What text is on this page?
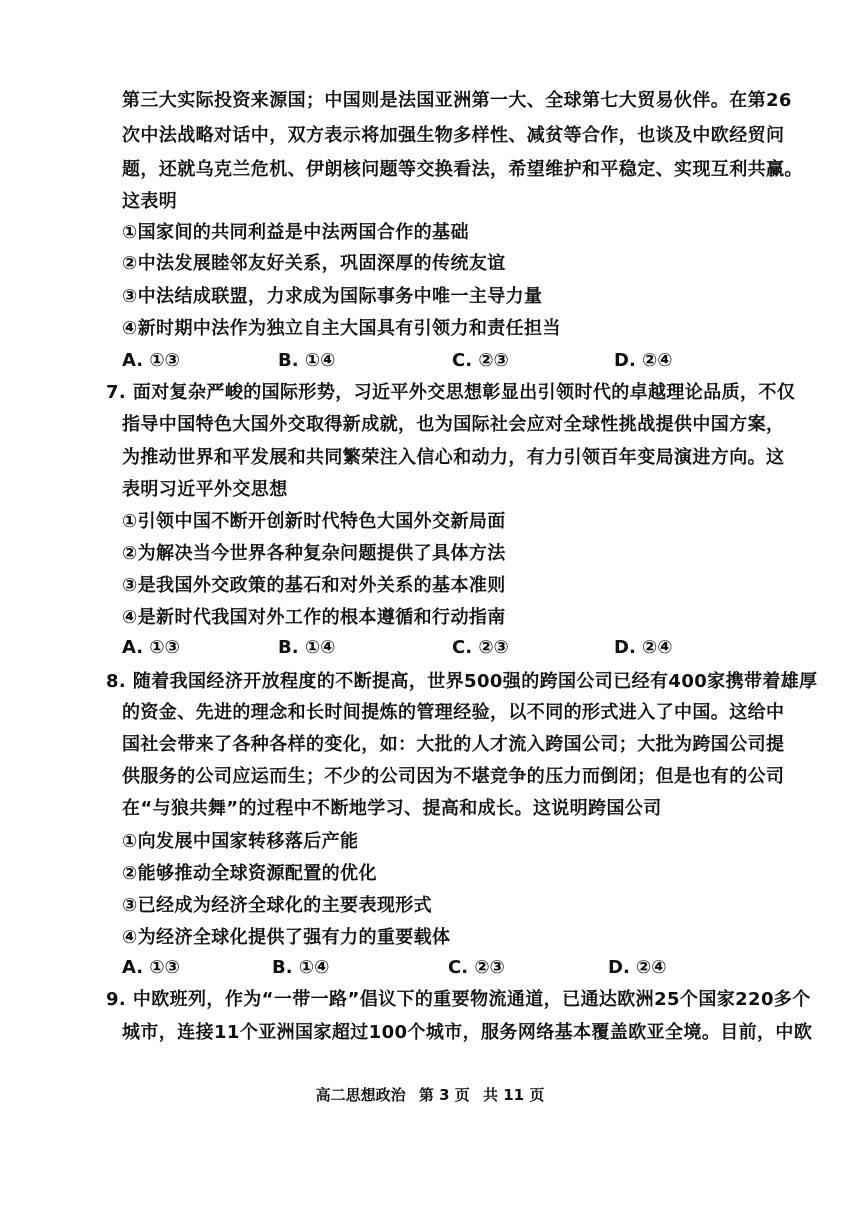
第三大实际投资来源国；中国则是法国亚洲第一大、全球第七大贸易伙伴。在第26
次中法战略对话中，双方表示将加强生物多样性、减贫等合作，也谈及中欧经贸问
题，还就乌克兰危机、伊朗核问题等交换看法，希望维护和平稳定、实现互利共赢。
这表明
①国家间的共同利益是中法两国合作的基础
②中法发展睦邻友好关系，巩固深厚的传统友谊
③中法结成联盟，力求成为国际事务中唯一主导力量
④新时期中法作为独立自主大国具有引领力和责任担当
A. ①③	B. ①④	C. ②③	D. ②④
7. 面对复杂严峻的国际形势，习近平外交思想彰显出引领时代的卓越理论品质，不仅
指导中国特色大国外交取得新成就，也为国际社会应对全球性挑战提供中国方案，
为推动世界和平发展和共同繁荣注入信心和动力，有力引领百年变局演进方向。这
表明习近平外交思想
①引领中国不断开创新时代特色大国外交新局面
②为解决当今世界各种复杂问题提供了具体方法
③是我国外交政策的基石和对外关系的基本准则
④是新时代我国对外工作的根本遵循和行动指南
A. ①③	B. ①④	C. ②③	D. ②④
8. 随着我国经济开放程度的不断提高，世界500强的跨国公司已经有400家携带着雄厚
的资金、先进的理念和长时间提炼的管理经验，以不同的形式进入了中国。这给中
国社会带来了各种各样的变化，如：大批的人才流入跨国公司；大批为跨国公司提
供服务的公司应运而生；不少的公司因为不堪竞争的压力而倒闭；但是也有的公司
在“与狼共舞”的过程中不断地学习、提高和成长。这说明跨国公司
①向发展中国家转移落后产能
②能够推动全球资源配置的优化
③已经成为经济全球化的主要表现形式
④为经济全球化提供了强有力的重要载体
A. ①③	B. ①④	C. ②③	D. ②④
9. 中欧班列，作为“一带一路”倡议下的重要物流通道，已通达欧洲25个国家220多个
城市，连接11个亚洲国家超过100个城市，服务网络基本覆盖欧亚全境。目前，中欧
高二思想政治 第 3 页 共 11 页
